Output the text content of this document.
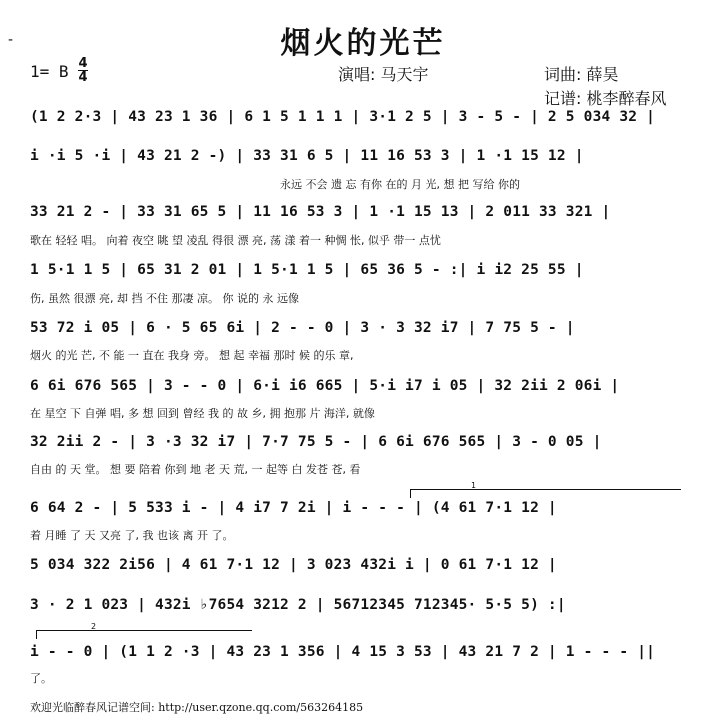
-	烟火的光芒
1= B 4
4	演唱: 马天宇	词曲: 薛昊
记谱: 桃李醉春风
(1 2 2·3 | 43 23 1 36 | 6 1 5 1 1 1 | 3·1 2 5 | 3 - 5 - | 2 5 034 32 |
i ·i 5 ·i | 43 21 2 -) | 33 31 6 5 | 11 16 53 3 | 1 ·1 15 12 |
永远 不会 遗 忘 有你 在的 月 光, 想 把 写给 你的
33 21 2 - | 33 31 65 5 | 11 16 53 3 | 1 ·1 15 13 | 2 011 33 321 |
歌在 轻轻 唱。 向着 夜空 眺 望 凌乱 得很 漂 亮, 荡 漾 着一 种惆 怅, 似乎 带一 点忧
1 5·1 1 5 | 65 31 2 01 | 1 5·1 1 5 | 65 36 5 - :| i i2 25 55 |
伤, 虽然 很漂 亮, 却 挡 不住 那凄 凉。 你 说的 永 远像
53 72 i 05 | 6 · 5 65 6i | 2 - - 0 | 3 · 3 32 i7 | 7 75 5 - |
烟火 的光 芒, 不 能 一 直在 我身 旁。 想 起 幸福 那时 候 的乐 章,
6 6i 676 565 | 3 - - 0 | 6·i i6 665 | 5·i i7 i 05 | 32 2ii 2 06i |
在 星空 下 自弹 唱, 多 想 回到 曾经 我 的 故 乡, 拥 抱那 片 海洋, 就像
32 2ii 2 - | 3 ·3 32 i7 | 7·7 75 5 - | 6 6i 676 565 | 3 - 0 05 |
自由 的 天 堂。 想 要 陪着 你到 地 老 天 荒, 一 起等 白 发苍 苍, 看
1
6 64 2 - | 5 533 i - | 4 i7 7 2i | i - - - | (4 61 7·1 12 |
着 月睡 了 天 又亮 了, 我 也该 离 开 了。
5 034 322 2i56 | 4 61 7·1 12 | 3 023 432i i | 0 61 7·1 12 |
3 · 2 1 023 | 432i ♭7654 3212 2 | 56712345 712345· 5·5 5) :|
2
i - - 0 | (1 1 2 ·3 | 43 23 1 356 | 4 15 3 53 | 43 21 7 2 | 1 - - - ||
了。
欢迎光临醉春风记谱空间: http://user.qzone.qq.com/563264185
